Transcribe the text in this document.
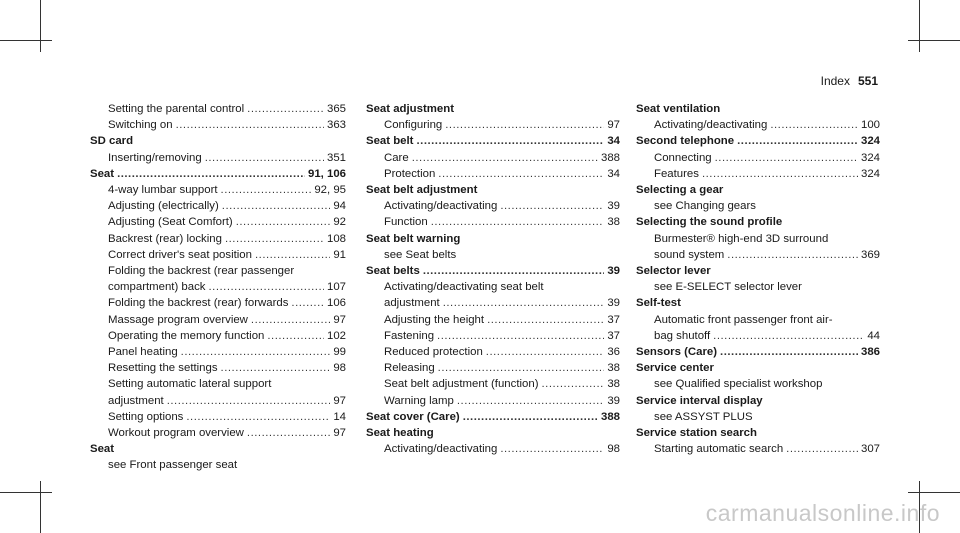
Index 551
Setting the parental control .....	365
Switching on .....	363
SD card
Inserting/removing .....	351
Seat .....	91, 106
4-way lumbar support .....	92, 95
Adjusting (electrically) .....	94
Adjusting (Seat Comfort) .....	92
Backrest (rear) locking .....	108
Correct driver's seat position .....	91
Folding the backrest (rear passenger
compartment) back .....	107
Folding the backrest (rear) forwards .....	106
Massage program overview .....	97
Operating the memory function .....	102
Panel heating .....	99
Resetting the settings .....	98
Setting automatic lateral support
adjustment .....	97
Setting options .....	14
Workout program overview .....	97
Seat
see Front passenger seat
Seat adjustment
Configuring .....	97
Seat belt .....	34
Care .....	388
Protection .....	34
Seat belt adjustment
Activating/deactivating .....	39
Function .....	38
Seat belt warning
see Seat belts
Seat belts .....	39
Activating/deactivating seat belt
adjustment .....	39
Adjusting the height .....	37
Fastening .....	37
Reduced protection .....	36
Releasing .....	38
Seat belt adjustment (function) .....	38
Warning lamp .....	39
Seat cover (Care) .....	388
Seat heating
Activating/deactivating .....	98
Seat ventilation
Activating/deactivating .....	100
Second telephone .....	324
Connecting .....	324
Features .....	324
Selecting a gear
see Changing gears
Selecting the sound profile
Burmester® high-end 3D surround
sound system .....	369
Selector lever
see E-SELECT selector lever
Self-test
Automatic front passenger front air-
bag shutoff .....	44
Sensors (Care) .....	386
Service center
see Qualified specialist workshop
Service interval display
see ASSYST PLUS
Service station search
Starting automatic search .....	307
carmanualsonline.info
